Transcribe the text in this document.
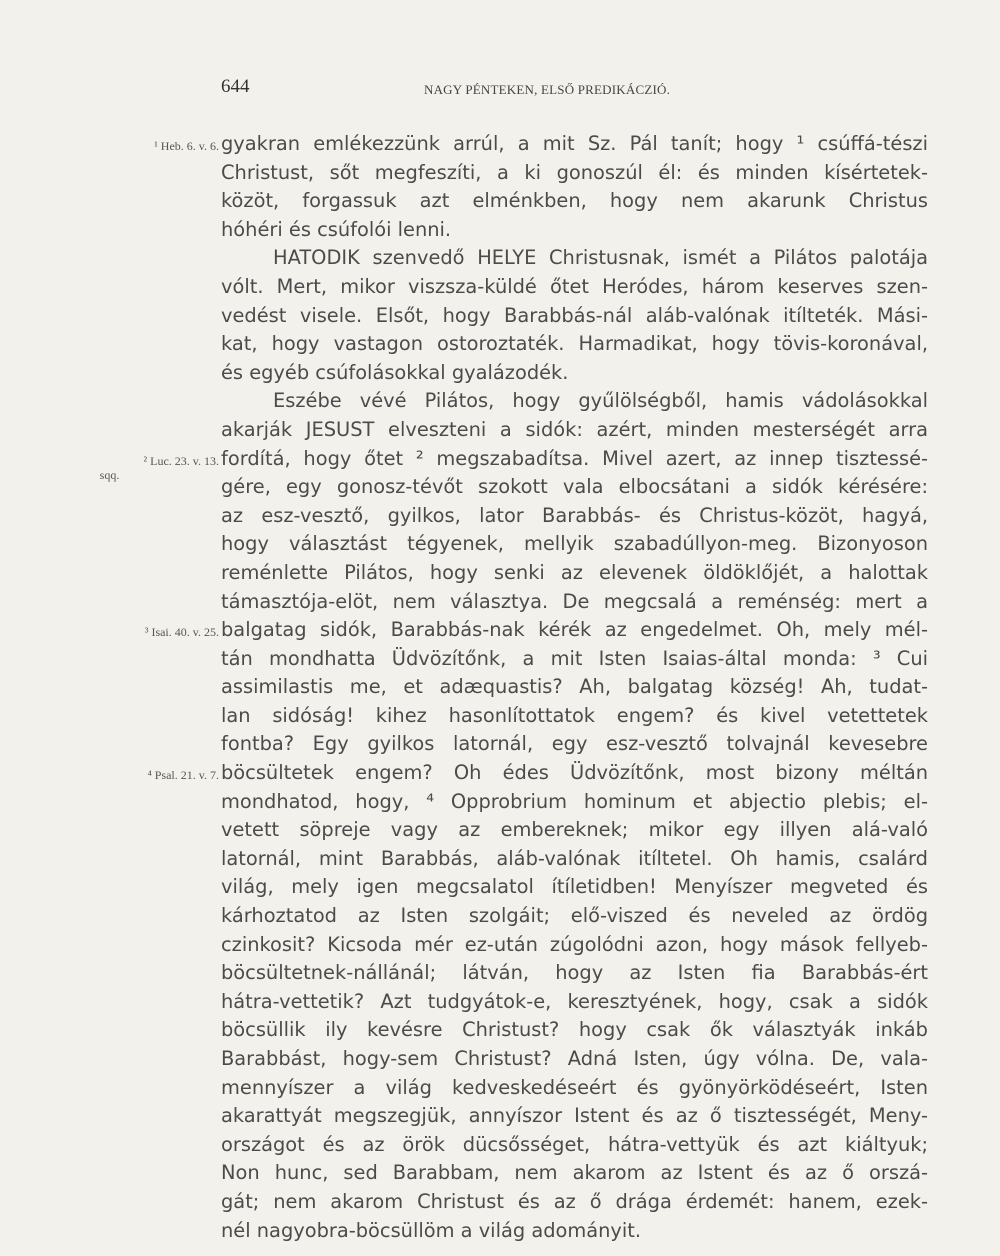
644	NAGY PÉNTEKEN, ELSŐ PREDIKÁCZIÓ.
¹ Heb. 6. v. 6.
² Luc. 23. v. 13.
sqq.
³ Isai. 40. v. 25.
⁴ Psal. 21. v. 7.
gyakran emlékezzünk arrúl, a mit Sz. Pál tanít; hogy ¹ csúffá-tészi
Christust, sőt megfeszíti, a ki gonoszúl él: és minden kísértetek-
közöt, forgassuk azt elménkben, hogy nem akarunk Christus
hóhéri és csúfolói lenni.
HATODIK szenvedő HELYE Christusnak, ismét a Pilátos palotája
vólt. Mert, mikor viszsza-küldé őtet Heródes, három keserves szen-
vedést visele. Elsőt, hogy Barabbás-nál aláb-valónak itílteték. Mási-
kat, hogy vastagon ostoroztaték. Harmadikat, hogy tövis-koronával,
és egyéb csúfolásokkal gyalázodék.
Eszébe vévé Pilátos, hogy gyűlölségből, hamis vádolásokkal
akarják JESUST elveszteni a sidók: azért, minden mesterségét arra
fordítá, hogy őtet ² megszabadítsa. Mivel azert, az innep tisztessé-
gére, egy gonosz-tévőt szokott vala elbocsátani a sidók kérésére:
az esz-vesztő, gyilkos, lator Barabbás- és Christus-közöt, hagyá,
hogy választást tégyenek, mellyik szabadúllyon-meg. Bizonyoson
reménlette Pilátos, hogy senki az elevenek öldöklőjét, a halottak
támasztója-elöt, nem választya. De megcsalá a reménség: mert a
balgatag sidók, Barabbás-nak kérék az engedelmet. Oh, mely mél-
tán mondhatta Üdvözítőnk, a mit Isten Isaias-által monda: ³ Cui
assimilastis me, et adæquastis? Ah, balgatag község! Ah, tudat-
lan sidóság! kihez hasonlítottatok engem? és kivel vetettetek
fontba? Egy gyilkos latornál, egy esz-vesztő tolvajnál kevesebre
böcsültetek engem? Oh édes Üdvözítőnk, most bizony méltán
mondhatod, hogy, ⁴ Opprobrium hominum et abjectio plebis; el-
vetett söpreje vagy az embereknek; mikor egy illyen alá-való
latornál, mint Barabbás, aláb-valónak itíltetel. Oh hamis, csalárd
világ, mely igen megcsalatol ítíletidben! Menyíszer megveted és
kárhoztatod az Isten szolgáit; elő-viszed és neveled az ördög
czinkosit? Kicsoda mér ez-után zúgolódni azon, hogy mások fellyeb-
böcsültetnek-nállánál; látván, hogy az Isten fia Barabbás-ért
hátra-vettetik? Azt tudgyátok-e, keresztyének, hogy, csak a sidók
böcsüllik ily kevésre Christust? hogy csak ők választyák inkáb
Barabbást, hogy-sem Christust? Adná Isten, úgy vólna. De, vala-
mennyíszer a világ kedveskedéseért és gyönyörködéseért, Isten
akarattyát megszegjük, annyíszor Istent és az ő tisztességét, Meny-
országot és az örök dücsősséget, hátra-vettyük és azt kiáltyuk;
Non hunc, sed Barabbam, nem akarom az Istent és az ő orszá-
gát; nem akarom Christust és az ő drága érdemét: hanem, ezek-
nél nagyobra-böcsüllöm a világ adományit.
